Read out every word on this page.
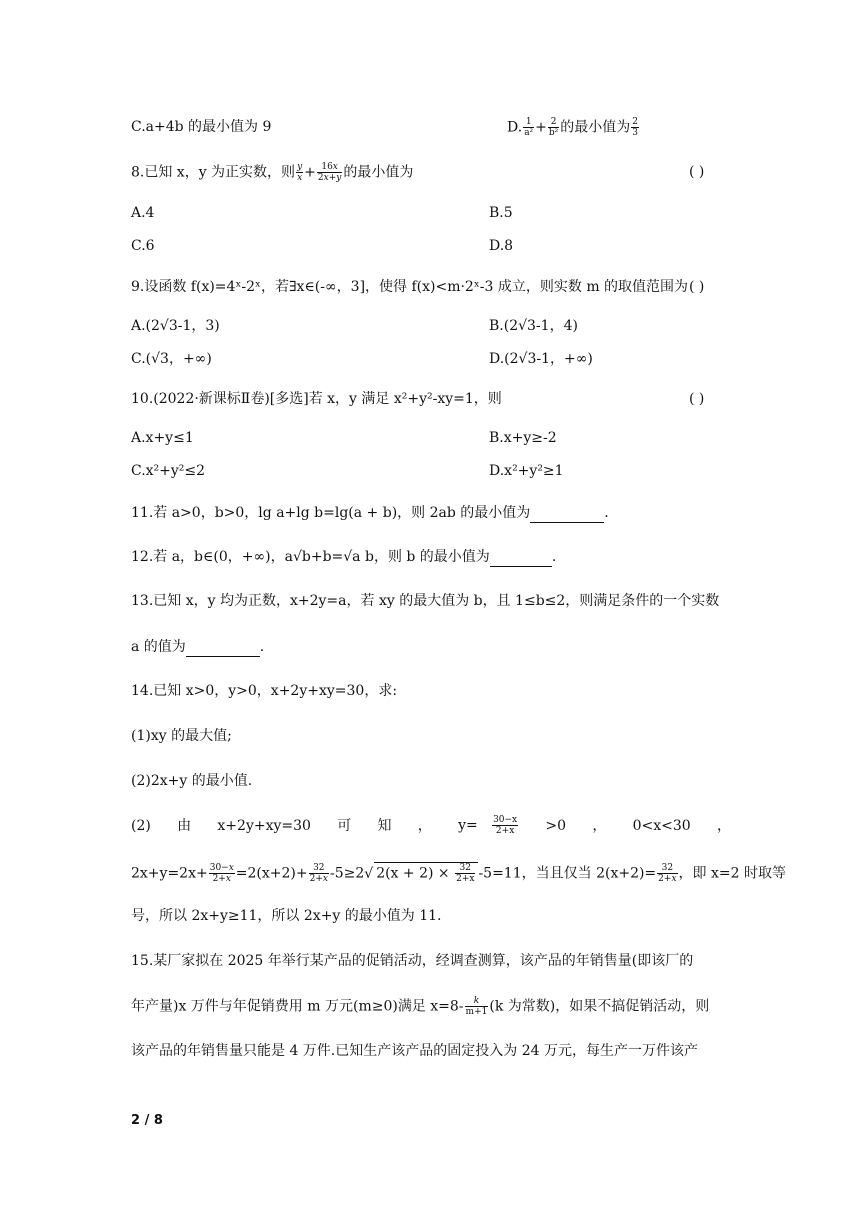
C.a+4b 的最小值为 9	D. $\frac{1}{\text{a²}} + \frac{2}{\text{b²}}$ 的最小值为 $\frac{2}{3}$
8.已知 x，y 为正实数，则 $\frac{y}{x} + \frac{16x}{2x+y}$ 的最小值为	( )
A.4	B.5
C.6	D.8
9.设函数 f(x)=4ˣ-2ˣ，若∃x∈(-∞，3]，使得 f(x)<m·2ˣ-3 成立，则实数 m 的取值范围为 ( )
A.(2√3-1，3)	B.(2√3-1，4)
C.(√3，+∞)	D.(2√3-1，+∞)
10.(2022·新课标Ⅱ卷)[多选]若 x，y 满足 x²+y²-xy=1，则	( )
A.x+y≤1	B.x+y≥-2
C.x²+y²≤2	D.x²+y²≥1
11.若 a>0，b>0，lg a+lg b=lg(a + b)，则 2ab 的最小值为	.
12.若 a，b∈(0，+∞)，a√b+b=√a b，则 b 的最小值为	.
13.已知 x，y 均为正数，x+2y=a，若 xy 的最大值为 b，且 1≤b≤2，则满足条件的一个实数
a 的值为	.
14.已知 x>0，y>0，x+2y+xy=30，求:
(1)xy 的最大值;
(2)2x+y 的最小值.
(2) 由 x+2y+xy=30 可 知 ， $y= \frac{30-x}{2+x} >0$ ， 0<x<30 ，
$2x+y=2x+ \frac{30-x}{2+x} =2(x+2)+ \frac{32}{2+x} -5\ge 2√$ $2(x + 2) \times \frac{32}{2+x} -5=11$，当且仅当 $2(x+2)= \frac{32}{2+x}$ ，即 x=2 时取等
号，所以 2x+y≥11，所以 2x+y 的最小值为 11.
15.某厂家拟在 2025 年举行某产品的促销活动，经调查测算，该产品的年销售量(即该厂的
年产量)x 万件与年促销费用 m 万元(m≥0)满足 $x=8- \frac{k}{m+1} (k$ 为常数)，如果不搞促销活动，则
该产品的年销售量只能是 4 万件.已知生产该产品的固定投入为 24 万元，每生产一万件该产
2 / 8
